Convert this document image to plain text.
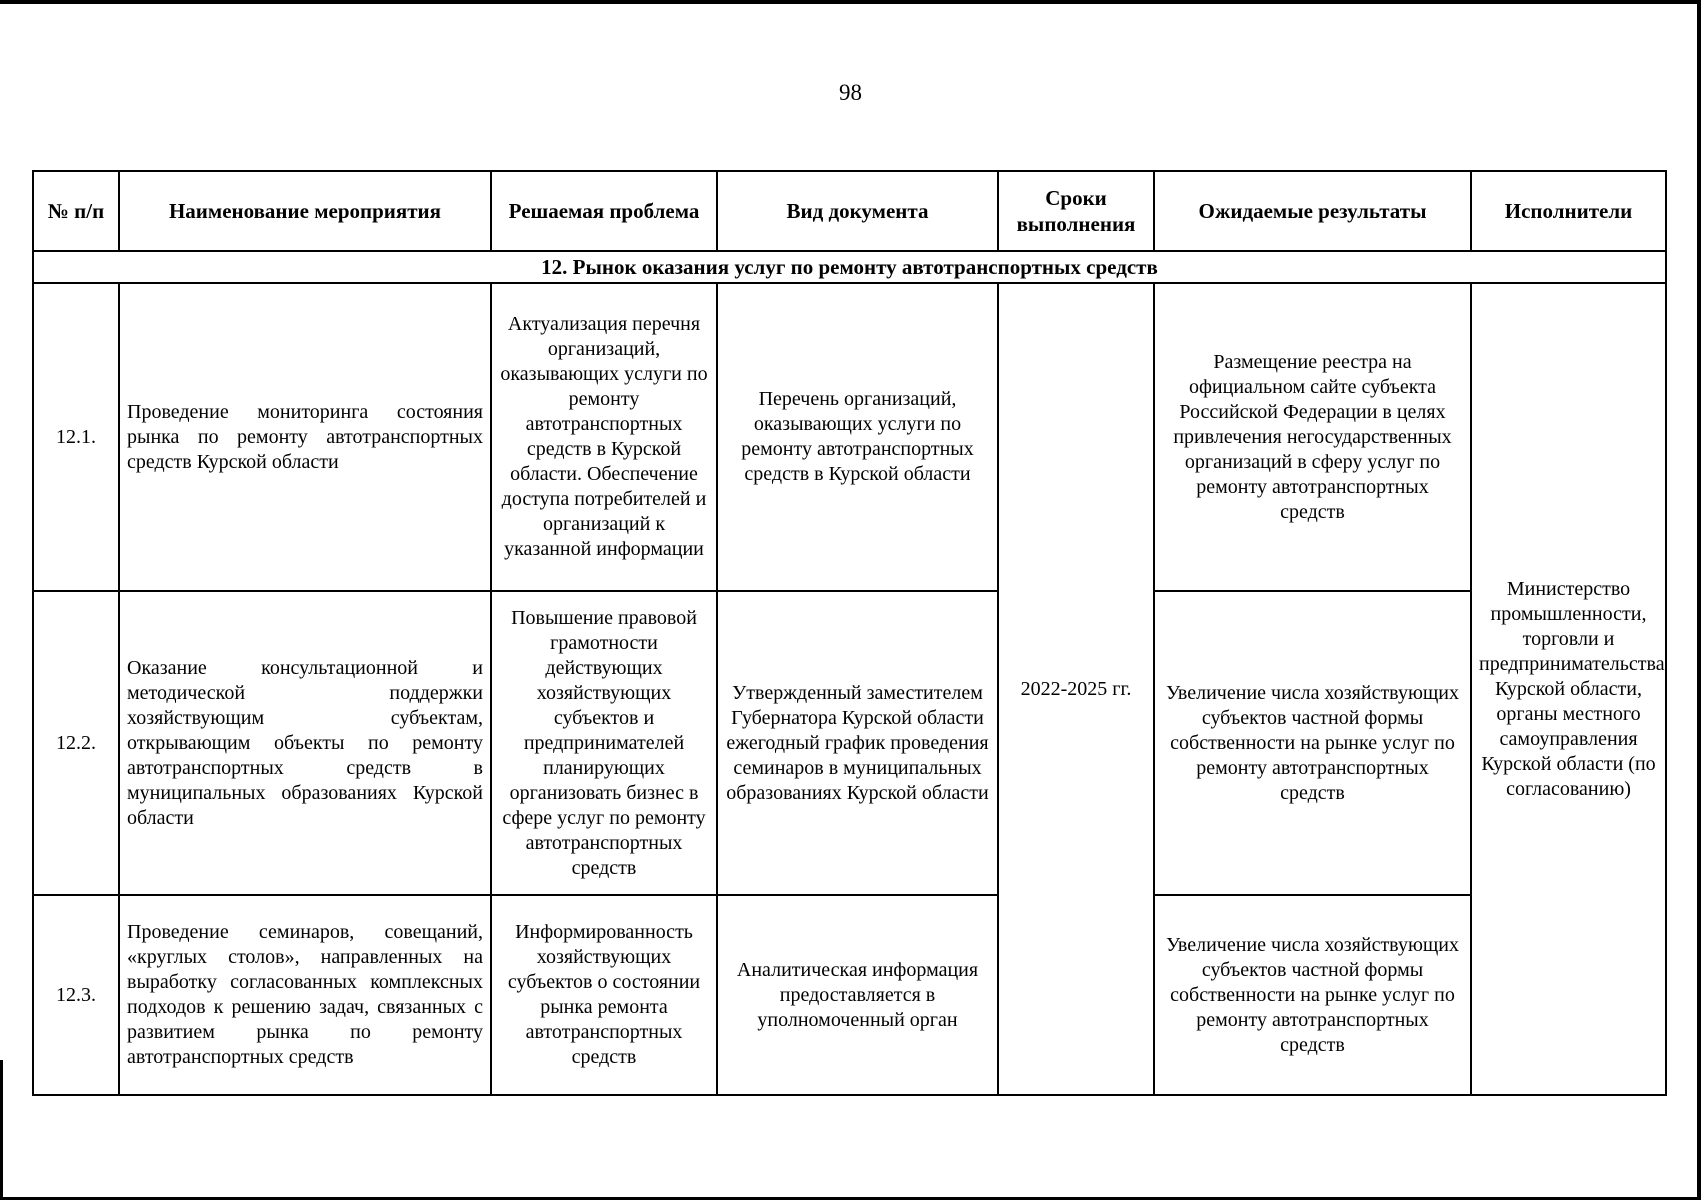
98
№ п/п	Наименование мероприятия	Решаемая проблема	Вид документа	Сроки выполнения	Ожидаемые результаты	Исполнители
12. Рынок оказания услуг по ремонту автотранспортных средств						
12.1.	Проведение мониторинга состояния рынка по ремонту автотранспортных средств Курской области	Актуализация перечня организаций, оказывающих услуги по ремонту автотранспортных средств в Курской области. Обеспечение доступа потребителей и организаций к указанной информации	Перечень организаций, оказывающих услуги по ремонту автотранспортных средств в Курской области	2022-2025 гг.	Размещение реестра на официальном сайте субъекта Российской Федерации в целях привлечения негосударственных организаций в сферу услуг по ремонту автотранспортных средств	Министерство промышленности, торговли и предпринимательства Курской области, органы местного самоуправления Курской области (по согласованию)
12.2.	Оказание консультационной и методической поддержки хозяйствующим субъектам, открывающим объекты по ремонту автотранспортных средств в муниципальных образованиях Курской области	Повышение правовой грамотности действующих хозяйствующих субъектов и предпринимателей планирующих организовать бизнес в сфере услуг по ремонту автотранспортных средств	Утвержденный заместителем Губернатора Курской области ежегодный график проведения семинаров в муниципальных образованиях Курской области		Увеличение числа хозяйствующих субъектов частной формы собственности на рынке услуг по ремонту автотранспортных средств	
12.3.	Проведение семинаров, совещаний, «круглых столов», направленных на выработку согласованных комплексных подходов к решению задач, связанных с развитием рынка по ремонту автотранспортных средств	Информированность хозяйствующих субъектов о состоянии рынка ремонта автотранспортных средств	Аналитическая информация предоставляется в уполномоченный орган		Увеличение числа хозяйствующих субъектов частной формы собственности на рынке услуг по ремонту автотранспортных средств	
